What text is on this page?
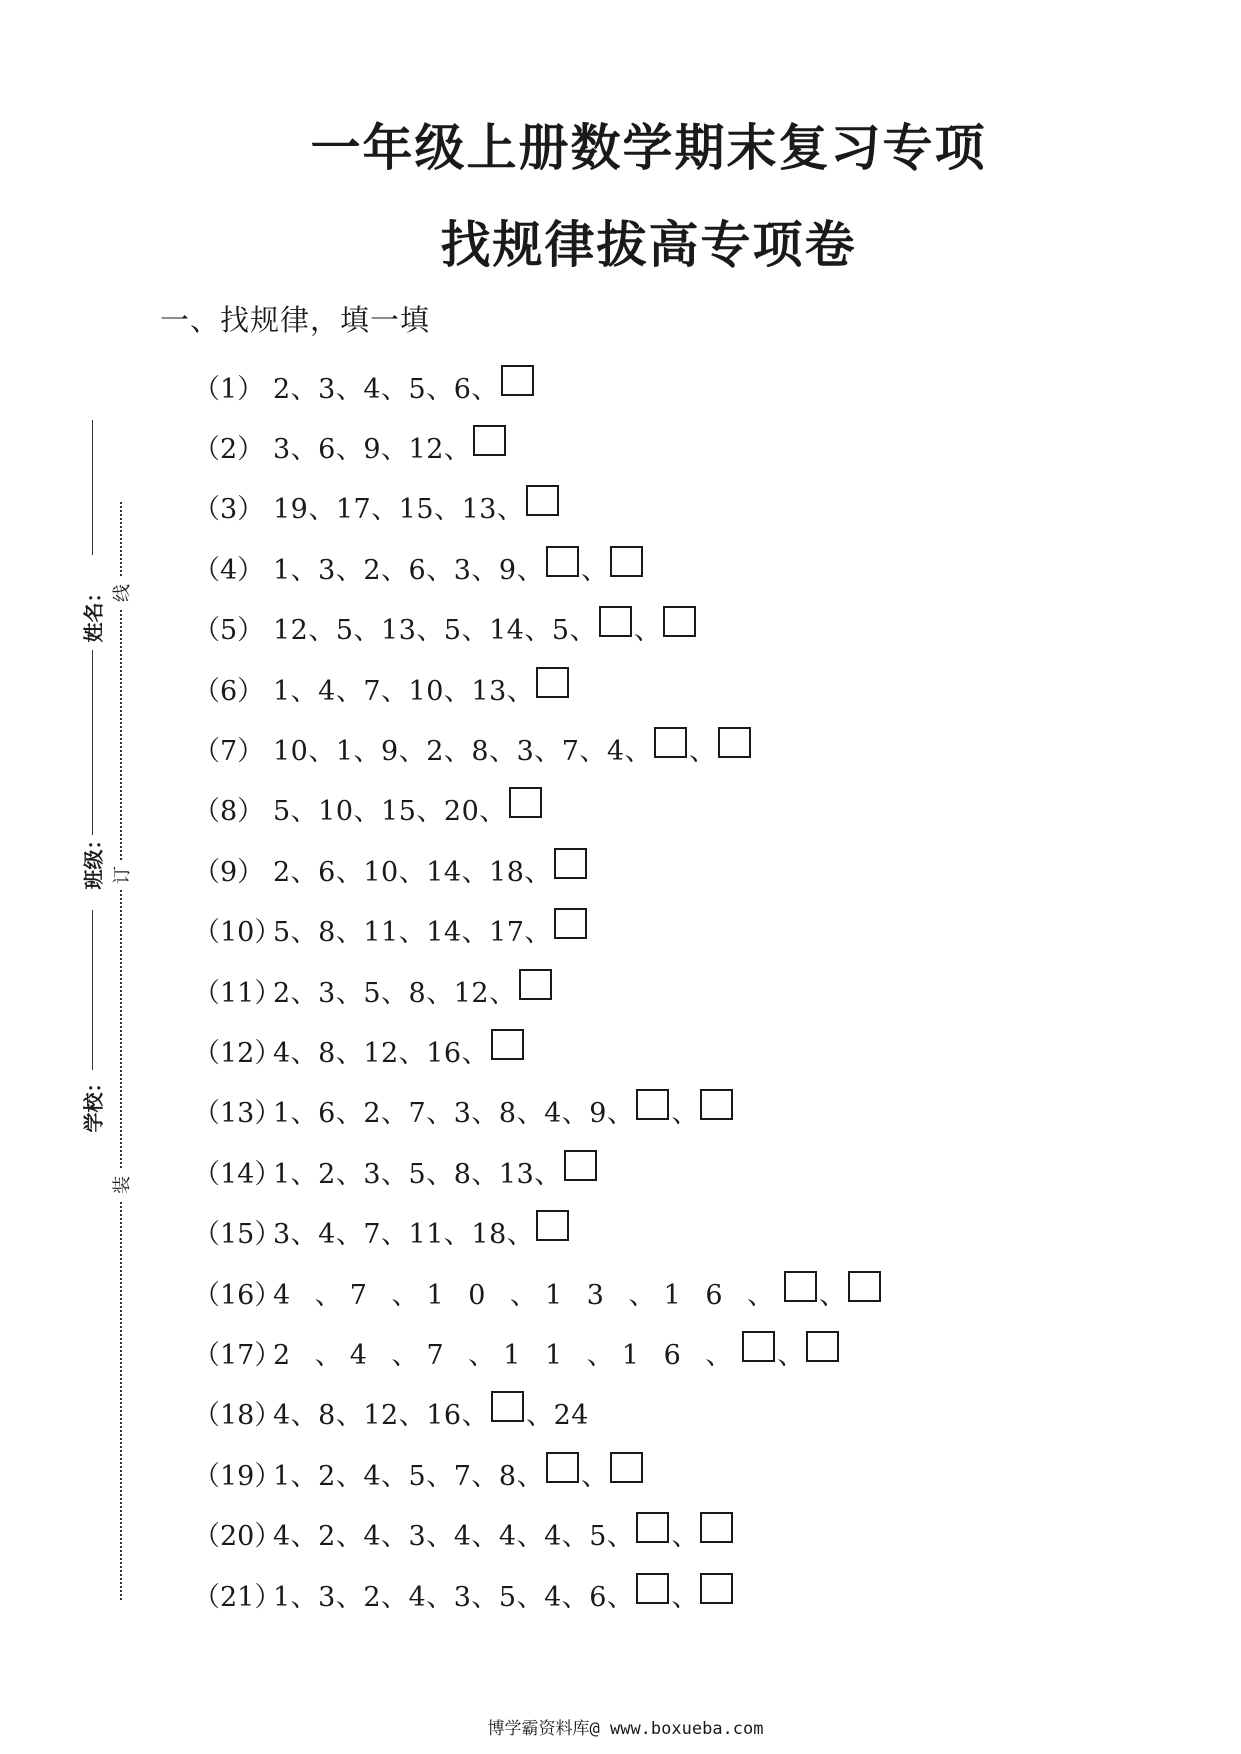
一年级上册数学期末复习专项
找规律拔高专项卷
一、找规律，填一填
（1） 2、3、4、5、6、
（2） 3、6、9、12、
（3） 19、17、15、13、
（4） 1、3、2、6、3、9、 、
（5） 12、5、13、5、14、5、 、
（6） 1、4、7、10、13、
（7） 10、1、9、2、8、3、7、4、 、
（8） 5、10、15、20、
（9） 2、6、10、14、18、
（10）
5、8、11、14、17、
（11）
2、3、5、8、12、
（12）
4、8、12、16、
（13）
1、6、2、7、3、8、4、9、 、
（14）
1、2、3、5、8、13、
（15）
3、4、7、11、18、
（16）
4 、7 、1 0 、1 3 、1 6 、 、
（17）
2 、4 、7 、1 1 、1 6 、 、
（18）
4、8、12、16、 、24
（19）
1、2、4、5、7、8、 、
（20）
4、2、4、3、4、4、4、5、 、
（21）
1、3、2、4、3、5、4、6、 、
姓名：
班级：
学校：
线
订
装
博学霸资料库@ www.boxueba.com
